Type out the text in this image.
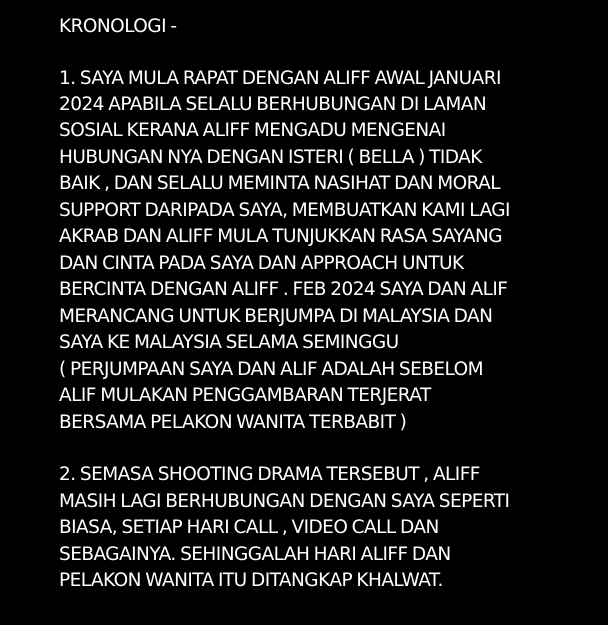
KRONOLOGI -
1. SAYA MULA RAPAT DENGAN ALIFF AWAL JANUARI
2024 APABILA SELALU BERHUBUNGAN DI LAMAN
SOSIAL KERANA ALIFF MENGADU MENGENAI
HUBUNGAN NYA DENGAN ISTERI ( BELLA ) TIDAK
BAIK , DAN SELALU MEMINTA NASIHAT DAN MORAL
SUPPORT DARIPADA SAYA, MEMBUATKAN KAMI LAGI
AKRAB DAN ALIFF MULA TUNJUKKAN RASA SAYANG
DAN CINTA PADA SAYA DAN APPROACH UNTUK
BERCINTA DENGAN ALIFF . FEB 2024 SAYA DAN ALIF
MERANCANG UNTUK BERJUMPA DI MALAYSIA DAN
SAYA KE MALAYSIA SELAMA SEMINGGU
( PERJUMPAAN SAYA DAN ALIF ADALAH SEBELOM
ALIF MULAKAN PENGGAMBARAN TERJERAT
BERSAMA PELAKON WANITA TERBABIT )
2. SEMASA SHOOTING DRAMA TERSEBUT , ALIFF
MASIH LAGI BERHUBUNGAN DENGAN SAYA SEPERTI
BIASA, SETIAP HARI CALL , VIDEO CALL DAN
SEBAGAINYA. SEHINGGALAH HARI ALIFF DAN
PELAKON WANITA ITU DITANGKAP KHALWAT.
